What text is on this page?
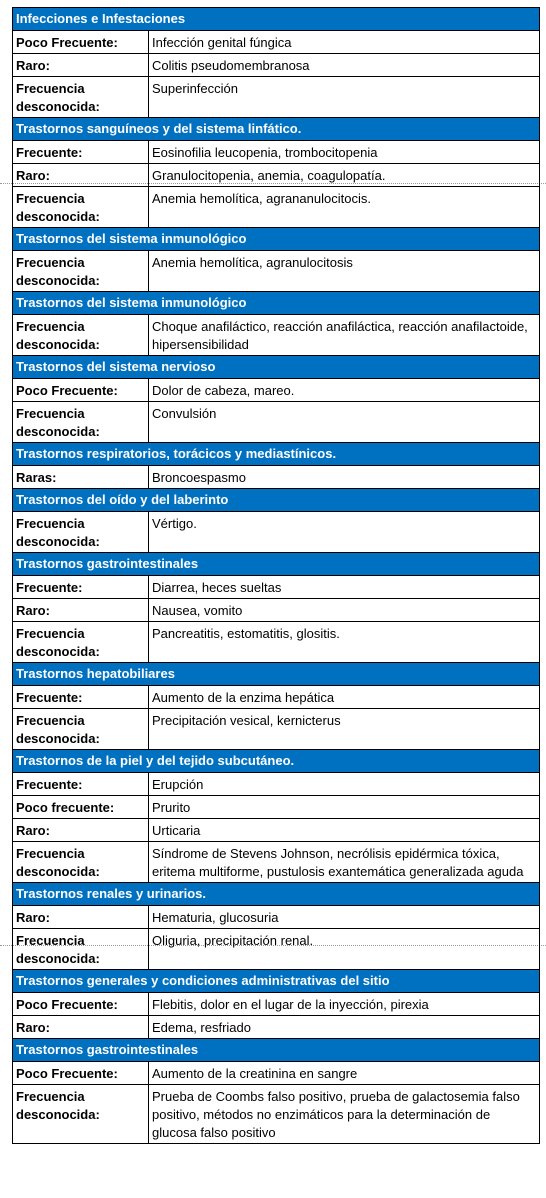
Infecciones e Infestaciones	
Poco Frecuente:	Infección genital fúngica
Raro:	Colitis pseudomembranosa
Frecuencia desconocida:	Superinfección
Trastornos sanguíneos y del sistema linfático.	
Frecuente:	Eosinofilia leucopenia, trombocitopenia
Raro:	Granulocitopenia, anemia, coagulopatía.
Frecuencia desconocida:	Anemia hemolítica, agrananulocitocis.
Trastornos del sistema inmunológico	
Frecuencia desconocida:	Anemia hemolítica, agranulocitosis
Trastornos del sistema inmunológico	
Frecuencia desconocida:	Choque anafiláctico, reacción anafiláctica, reacción anafilactoide, hipersensibilidad
Trastornos del sistema nervioso	
Poco Frecuente:	Dolor de cabeza, mareo.
Frecuencia desconocida:	Convulsión
Trastornos respiratorios, torácicos y mediastínicos.	
Raras:	Broncoespasmo
Trastornos del oído y del laberinto	
Frecuencia desconocida:	Vértigo.
Trastornos gastrointestinales	
Frecuente:	Diarrea, heces sueltas
Raro:	Nausea, vomito
Frecuencia desconocida:	Pancreatitis, estomatitis, glositis.
Trastornos hepatobiliares	
Frecuente:	Aumento de la enzima hepática
Frecuencia desconocida:	Precipitación vesical, kernicterus
Trastornos de la piel y del tejido subcutáneo.	
Frecuente:	Erupción
Poco frecuente:	Prurito
Raro:	Urticaria
Frecuencia desconocida:	Síndrome de Stevens Johnson, necrólisis epidérmica tóxica, eritema multiforme, pustulosis exantemática generalizada aguda
Trastornos renales y urinarios.	
Raro:	Hematuria, glucosuria
Frecuencia desconocida:	Oliguria, precipitación renal.
Trastornos generales y condiciones administrativas del sitio	
Poco Frecuente:	Flebitis, dolor en el lugar de la inyección, pirexia
Raro:	Edema, resfriado
Trastornos gastrointestinales	
Poco Frecuente:	Aumento de la creatinina en sangre
Frecuencia desconocida:	Prueba de Coombs falso positivo, prueba de galactosemia falso positivo, métodos no enzimáticos para la determinación de glucosa falso positivo
